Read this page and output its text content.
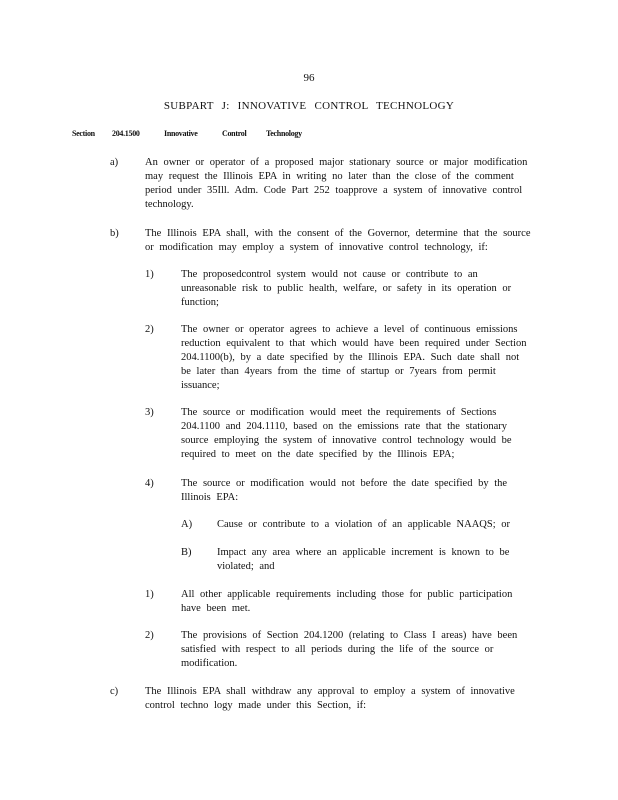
96
SUBPART J: INNOVATIVE CONTROL TECHNOLOGY
Section 204.1500	Innovative	Control Technology
a)	An owner or operator of a proposed major stationary source or major modification may request the Illinois EPA in writing no later than the close of the comment period under 35Ill. Adm. Code Part 252 toapprove a system of innovative control technology.
b)	The Illinois EPA shall, with the consent of the Governor, determine that the source or modification may employ a system of innovative control technology, if:
1)	The proposedcontrol system would not cause or contribute to an unreasonable risk to public health, welfare, or safety in its operation or function;
2)	The owner or operator agrees to achieve a level of continuous emissions reduction equivalent to that which would have been required under Section 204.1100(b), by a date specified by the Illinois EPA. Such date shall not be later than 4years from the time of startup or 7years from permit issuance;
3)	The source or modification would meet the requirements of Sections 204.1100 and 204.1110, based on the emissions rate that the stationary source employing the system of innovative control technology would be required to meet on the date specified by the Illinois EPA;
4)	The source or modification would not before the date specified by the Illinois EPA:
A) Cause or contribute to a violation of an applicable NAAQS; or
B) Impact any area where an applicable increment is known to be violated; and
1)	All other applicable requirements including those for public participation have been met.
2)	The provisions of Section 204.1200 (relating to Class I areas) have been satisfied with respect to all periods during the life of the source or modification.
c)	The Illinois EPA shall withdraw any approval to employ a system of innovative control techno logy made under this Section, if:
